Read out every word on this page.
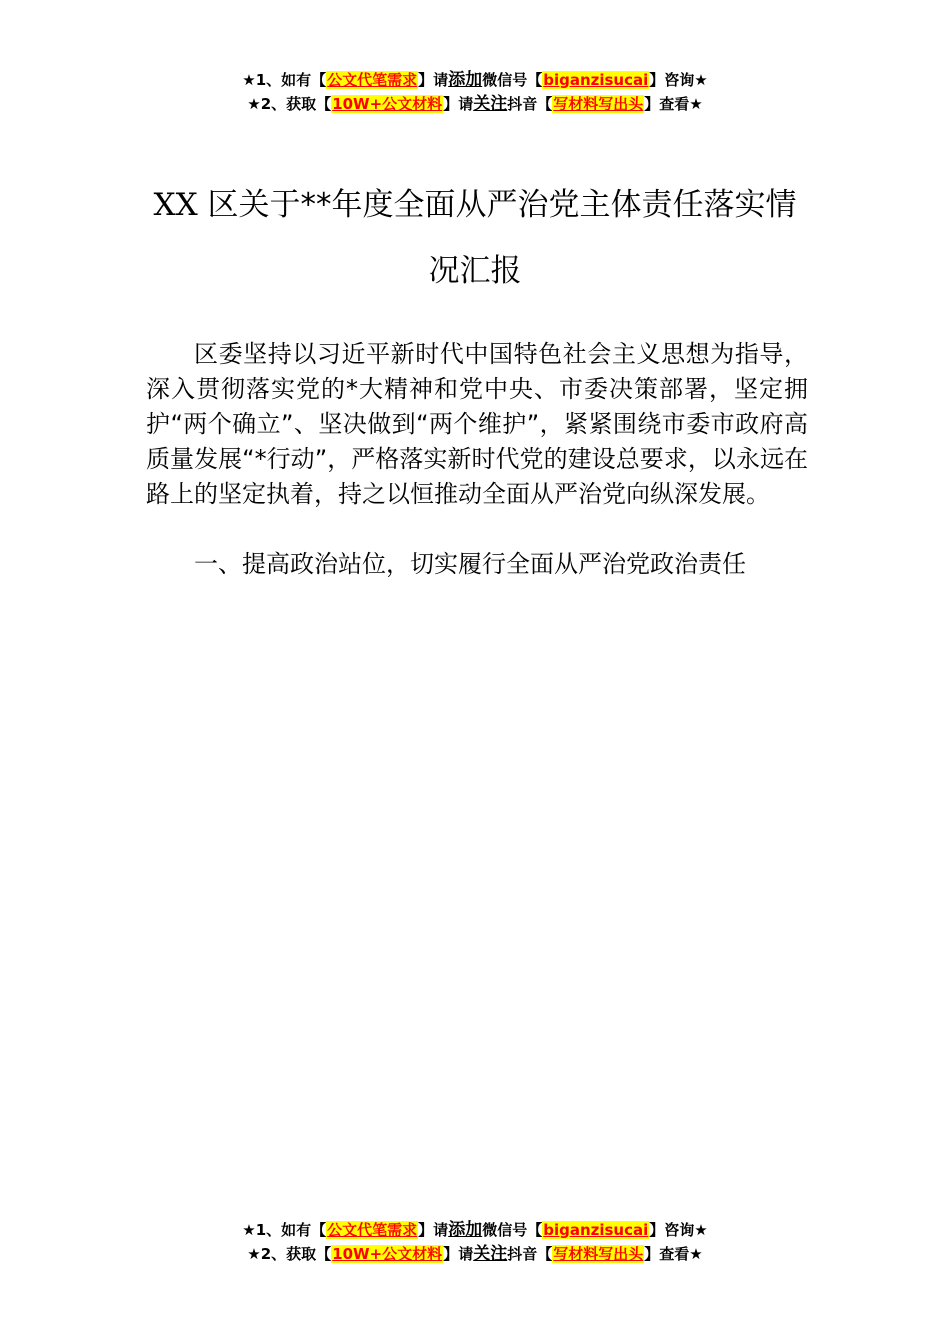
★1、如有【公文代笔需求】请添加微信号【biganzisucai】咨询★
★2、获取【10W+公文材料】请关注抖音【写材料写出头】查看★
XX 区关于**年度全面从严治党主体责任落实情况汇报

区委坚持以习近平新时代中国特色社会主义思想为指导，深入贯彻落实党的*大精神和党中央、市委决策部署，坚定拥护“两个确立”、坚决做到“两个维护”，紧紧围绕市委市政府高质量发展“*行动”，严格落实新时代党的建设总要求，以永远在路上的坚定执着，持之以恒推动全面从严治党向纵深发展。

一、提高政治站位，切实履行全面从严治党政治责任

★1、如有【公文代笔需求】请添加微信号【biganzisucai】咨询★
★2、获取【10W+公文材料】请关注抖音【写材料写出头】查看★
